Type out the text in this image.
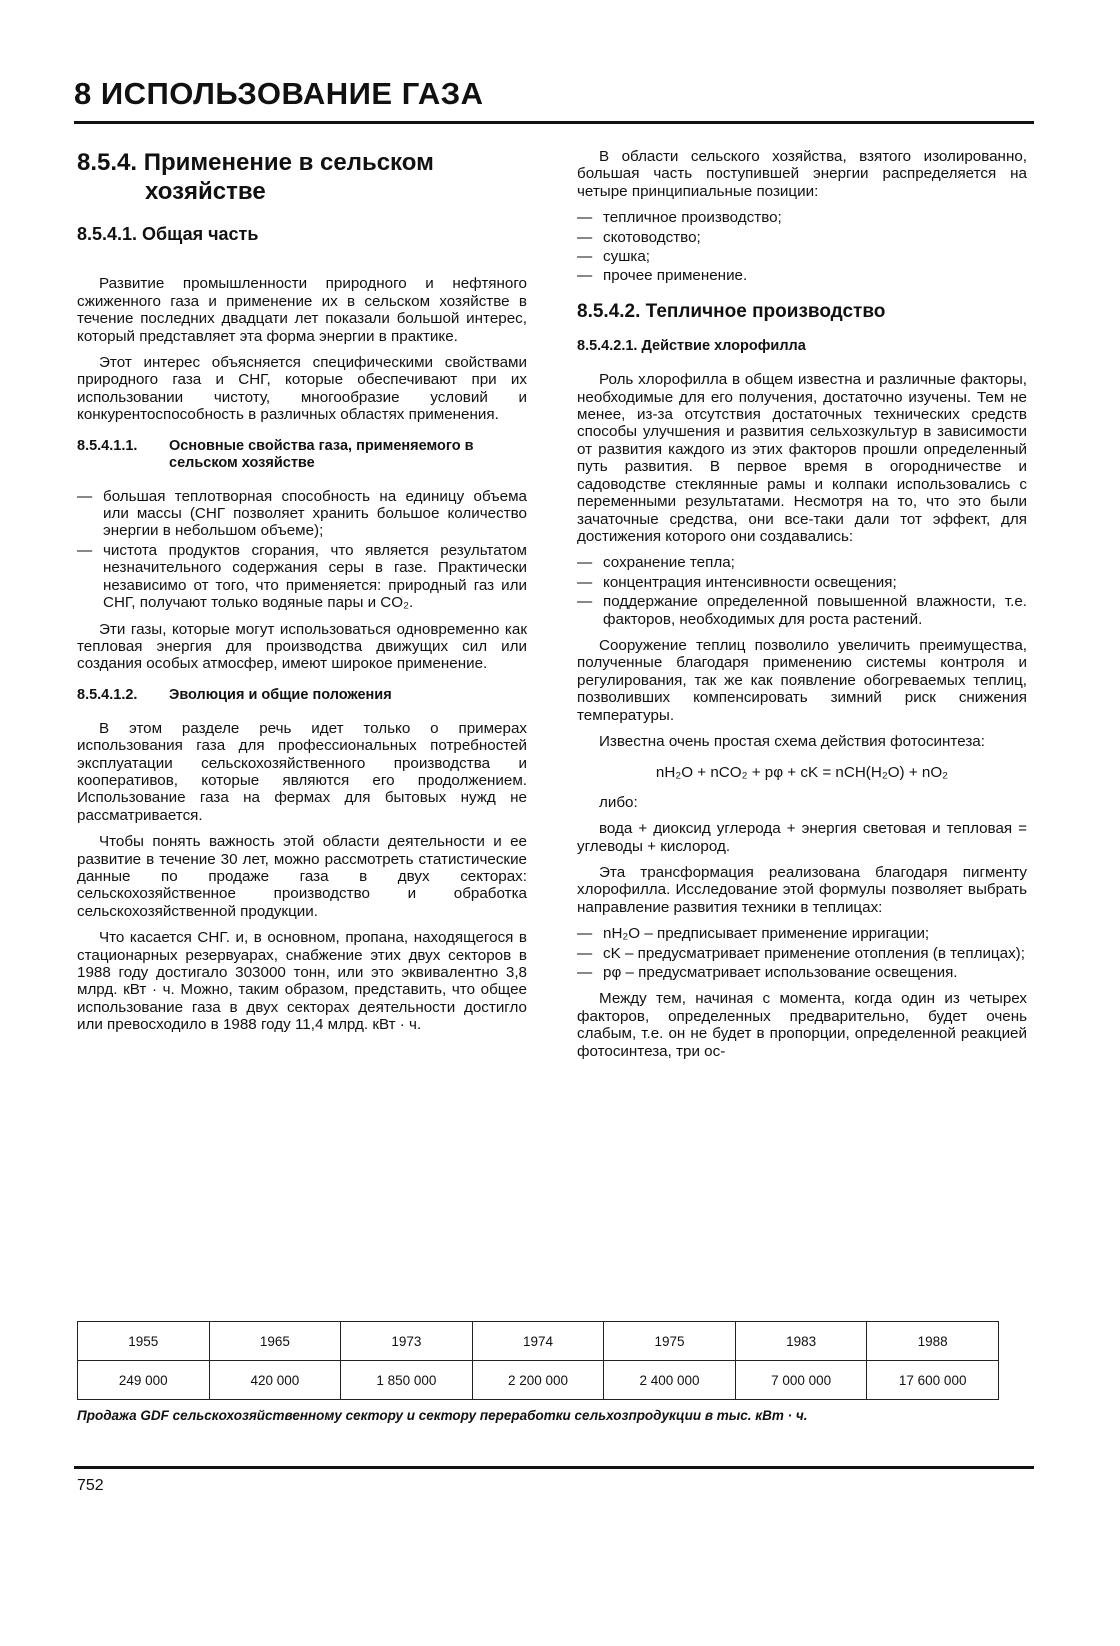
8 ИСПОЛЬЗОВАНИЕ ГАЗА
8.5.4. Применение в сельском хозяйстве
8.5.4.1. Общая часть

Развитие промышленности природного и нефтяного сжиженного газа и применение их в сельском хозяйстве в течение последних двадцати лет показали большой интерес, который представляет эта форма энергии в практике.

Этот интерес объясняется специфическими свойствами природного газа и СНГ, которые обеспечивают при их использовании чистоту, многообразие условий и конкурентоспособность в различных областях применения.

8.5.4.1.1. Основные свойства газа, применяемого в сельском хозяйстве
— большая теплотворная способность на единицу объема или массы (СНГ позволяет хранить большое количество энергии в небольшом объеме);
— чистота продуктов сгорания, что является результатом незначительного содержания серы в газе. Практически независимо от того, что применяется: природный газ или СНГ, получают только водяные пары и CO₂.

Эти газы, которые могут использоваться одновременно как тепловая энергия для производства движущих сил или создания особых атмосфер, имеют широкое применение.

8.5.4.1.2. Эволюция и общие положения

В этом разделе речь идет только о примерах использования газа для профессиональных потребностей эксплуатации сельскохозяйственного производства и кооперативов, которые являются его продолжением. Использование газа на фермах для бытовых нужд не рассматривается.

Чтобы понять важность этой области деятельности и ее развитие в течение 30 лет, можно рассмотреть статистические данные по продаже газа в двух секторах: сельскохозяйственное производство и обработка сельскохозяйственной продукции.

Что касается СНГ. и, в основном, пропана, находящегося в стационарных резервуарах, снабжение этих двух секторов в 1988 году достигало 303000 тонн, или это эквивалентно 3,8 млрд. кВт · ч. Можно, таким образом, представить, что общее использование газа в двух секторах деятельности достигло или превосходило в 1988 году 11,4 млрд. кВт · ч.

В области сельского хозяйства, взятого изолированно, большая часть поступившей энергии распределяется на четыре принципиальные позиции:

— тепличное производство;
— скотоводство;
— сушка;
— прочее применение.
8.5.4.2. Тепличное производство
8.5.4.2.1. Действие хлорофилла

Роль хлорофилла в общем известна и различные факторы, необходимые для его получения, достаточно изучены. Тем не менее, из-за отсутствия достаточных технических средств способы улучшения и развития сельхозкультур в зависимости от развития каждого из этих факторов прошли определенный путь развития. В первое время в огородничестве и садоводстве стеклянные рамы и колпаки использовались с переменными результатами. Несмотря на то, что это были зачаточные средства, они все-таки дали тот эффект, для достижения которого они создавались:

— сохранение тепла;
— концентрация интенсивности освещения;
— поддержание определенной повышенной влажности, т.е. факторов, необходимых для роста растений.

Сооружение теплиц позволило увеличить преимущества, полученные благодаря применению системы контроля и регулирования, так же как появление обогреваемых теплиц, позволивших компенсировать зимний риск снижения температуры.

Известна очень простая схема действия фотосинтеза:

nH₂O + nCO₂ + pφ + cK = nCH(H₂O) + nO₂

либо:

вода + диоксид углерода + энергия световая и тепловая = углеводы + кислород.

Эта трансформация реализована благодаря пигменту хлорофилла. Исследование этой формулы позволяет выбрать направление развития техники в теплицах:

— nH₂O – предписывает применение ирригации;
— cK – предусматривает применение отопления (в теплицах);
— pφ – предусматривает использование освещения.

Между тем, начиная с момента, когда один из четырех факторов, определенных предварительно, будет очень слабым, т.е. он не будет в пропорции, определенной реакцией фотосинтеза, три ос-

1955	1965	1973	1974	1975	1983	1988
249 000	420 000	1 850 000	2 200 000	2 400 000	7 000 000	17 600 000
Продажа GDF сельскохозяйственному сектору и сектору переработки сельхозпродукции в тыс. кВт · ч.
752
